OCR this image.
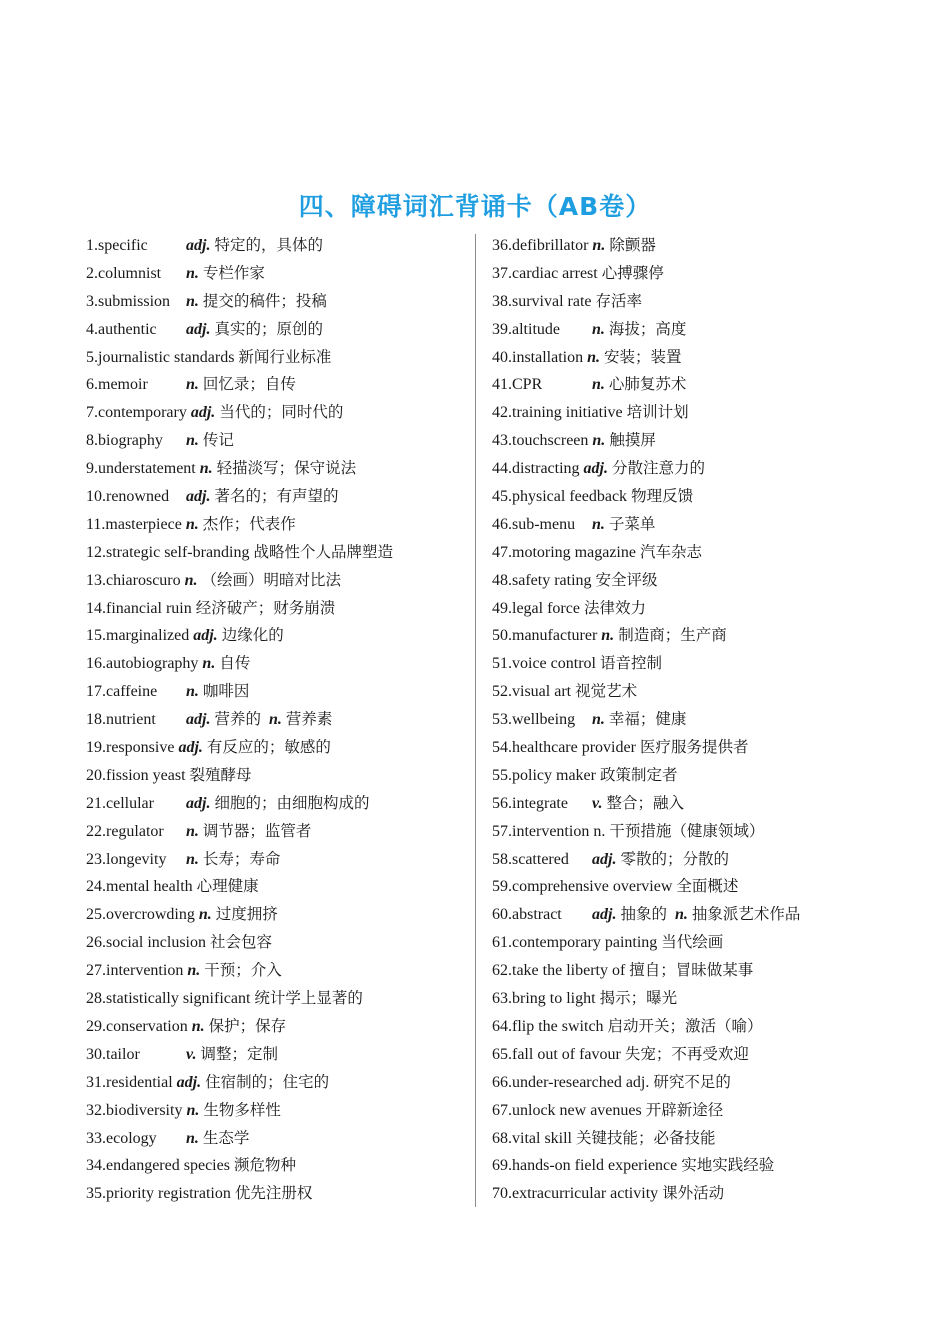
四、障碍词汇背诵卡（AB卷）
1.specific	adj. 特定的，具体的
2.columnist	n. 专栏作家
3.submission n. 提交的稿件；投稿
4.authentic	adj. 真实的；原创的
5.journalistic standards 新闻行业标准
6.memoir	n. 回忆录；自传
7.contemporary adj. 当代的；同时代的
8.biography	n. 传记
9.understatement n. 轻描淡写；保守说法
10.renowned	adj. 著名的；有声望的
11.masterpiece n. 杰作；代表作
12.strategic self-branding 战略性个人品牌塑造
13.chiaroscuro n. （绘画）明暗对比法
14.financial ruin 经济破产；财务崩溃
15.marginalized adj. 边缘化的
16.autobiography n. 自传
17.caffeine	n. 咖啡因
18.nutrient	adj. 营养的 n. 营养素
19.responsive adj. 有反应的；敏感的
20.fission yeast 裂殖酵母
21.cellular	adj. 细胞的；由细胞构成的
22.regulator	n. 调节器；监管者
23.longevity	n. 长寿；寿命
24.mental health 心理健康
25.overcrowding n. 过度拥挤
26.social inclusion 社会包容
27.intervention n. 干预；介入
28.statistically significant 统计学上显著的
29.conservation n. 保护；保存
30.tailor	v. 调整；定制
31.residential adj. 住宿制的；住宅的
32.biodiversity n. 生物多样性
33.ecology	n. 生态学
34.endangered species 濒危物种
35.priority registration 优先注册权
36.defibrillator n. 除颤器
37.cardiac arrest 心搏骤停
38.survival rate 存活率
39.altitude	n. 海拔；高度
40.installation n. 安装；装置
41.CPR	n. 心肺复苏术
42.training initiative 培训计划
43.touchscreen n. 触摸屏
44.distracting adj. 分散注意力的
45.physical feedback 物理反馈
46.sub-menu	n. 子菜单
47.motoring magazine 汽车杂志
48.safety rating 安全评级
49.legal force 法律效力
50.manufacturer n. 制造商；生产商
51.voice control 语音控制
52.visual art 视觉艺术
53.wellbeing	n. 幸福；健康
54.healthcare provider 医疗服务提供者
55.policy maker 政策制定者
56.integrate	v. 整合；融入
57.intervention n. 干预措施（健康领域）
58.scattered	adj. 零散的；分散的
59.comprehensive overview 全面概述
60.abstract	adj. 抽象的 n. 抽象派艺术作品
61.contemporary painting 当代绘画
62.take the liberty of 擅自；冒昧做某事
63.bring to light 揭示；曝光
64.flip the switch 启动开关；激活（喻）
65.fall out of favour 失宠；不再受欢迎
66.under-researched adj. 研究不足的
67.unlock new avenues 开辟新途径
68.vital skill 关键技能；必备技能
69.hands-on field experience 实地实践经验
70.extracurricular activity 课外活动
